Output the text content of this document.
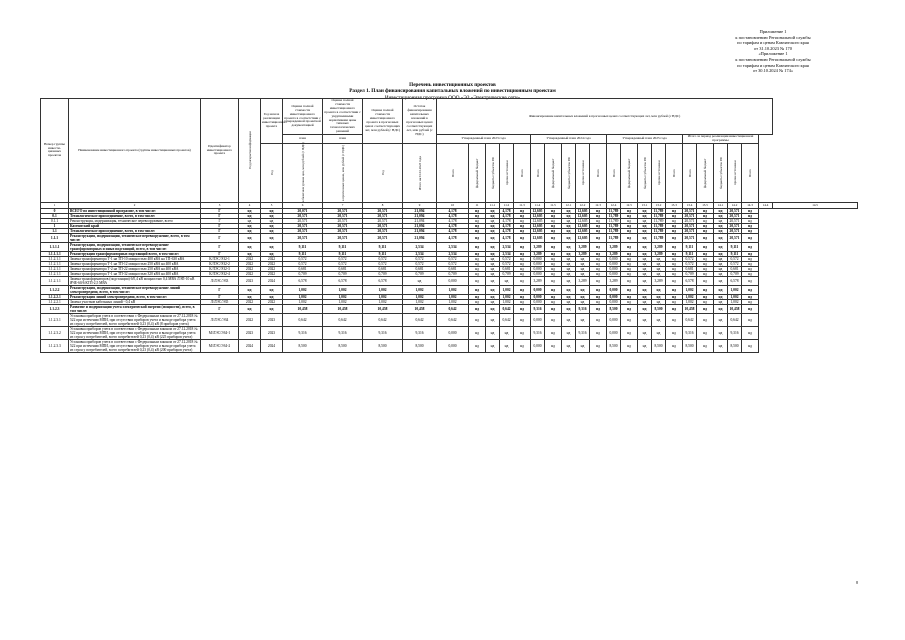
Приложение 1
к постановлению Региональной службы
по тарифам и ценам Камчатского края
от 31.10.2023 № 170
«Приложение 1
к постановлению Региональной службы
по тарифам и ценам Камчатского края
от 30.10.2024 № 174»
Перечень инвестиционных проектов
Раздел 1. План финансирования капитальных вложений по инвестиционным проектам
Инвестиционная программа ООО «ЭЗ «Электрические сети»
Номер группы инвести-ционных проектов	Наименование инвестиционного проекта (группы инвестиционных проектов)	Идентификатор инвестиционного проекта	Год раскрытия информации	Год начала реализации инвестиционного проекта	Оценка полной стоимости инвестиционного проекта в соответствии с утвержденной проектной документацией	Оценка полной стоимости инвестиционного проекта в соответствии с укрупненными нормативами цены типовых технологических решений	Оценка полной стоимости инвестиционного проекта в прогнозных ценах соответствующих лет, млн рублей (с НДС)	Остаток финансирования капитальных вложений в прогнозных ценах соответствующих лет, млн рублей (с НДС)	Финансирование капитальных вложений в прогнозных ценах соответствующих лет, млн рублей (с НДС)																					
					план	план			Утвержденный план 2023 года					Утвержденный план 2024 года					Утвержденный план 2025 года					Итого за период реализации инвестиционной программы						

				Год	в базисном уровне цен, млн рублей (с НДС)	в прогнозных ценах, млн рублей (с НДС)	Год	Итого на 01.01.2023 года	Всего	федеральный бюджет	бюджеты субъектов РФ	прочие источники	Всего	Всего	федеральный бюджет	бюджеты субъектов РФ	прочие источники	Всего	Всего	федеральный бюджет	бюджеты субъектов РФ	прочие источники	Всего	Всего	федеральный бюджет	бюджеты субъектов РФ	прочие источники	Всего		

1	2	3	4	5	6	7	8	9	10	11	11.1	11.2	11.3	11.4	11.5	12.1	12.2	12.3	12.4	12.5	13.1	13.2	13.3	13.4	13.5	14.1	14.2	14.3	14.4	14.5
0	ВСЕГО по инвестиционной программе, в том числе:	Г	нд	нд	20,071	20,571	20,571	21,094	4,178	нд	нд	4,178	нд	12,605	нд	нд	12,605	нд	11,789	нд	нд	11,789	нд	20,571	нд	нд	20,571	нд		
0.1	Технологическое присоединение, всего, в том числе:	Г	нд	нд	20,571	20,571	20,571	21,094	4,178	нд	нд	4,178	нд	12,605	нд	нд	12,605	нд	11,789	нд	нд	11,789	нд	20,571	нд	нд	20,571	нд		
0.1.1	Реконструкция, модернизация, техническое перевооружение, всего	Г	нд	нд	20,571	20,571	20,571	21,094	4,178	нд	нд	4,178	нд	12,605	нд	нд	12,605	нд	11,789	нд	нд	11,789	нд	20,571	нд	нд	20,571	нд		
1	Камчатский край	Г	нд	нд	20,571	20,571	20,571	21,094	4,178	нд	нд	4,178	нд	12,605	нд	нд	12,605	нд	11,789	нд	нд	11,789	нд	20,571	нд	нд	20,571	нд		
1.1	Технологическое присоединение, всего, в том числе:	Г	нд	нд	20,571	20,571	20,571	21,094	4,178	нд	нд	4,178	нд	12,605	нд	нд	12,605	нд	11,789	нд	нд	11,789	нд	20,571	нд	нд	20,571	нд		
1.1.1	Реконструкция, модернизация, техническое перевооружение, всего, в том числе:	Г	нд	нд	20,571	20,571	20,571	21,094	4,178	нд	нд	4,178	нд	12,605	нд	нд	12,605	нд	11,789	нд	нд	11,789	нд	20,571	нд	нд	20,571	нд		
1.1.1.1	Реконструкция, модернизация, техническое перевооружение трансформаторных и иных подстанций, всего, в том числе:	Г	нд	нд	9,111	9,111	9,111	2,534	2,534	нд	нд	2,534	нд	3,289	нд	нд	3,289	нд	3,289	нд	нд	3,289	нд	9,111	нд	нд	9,111	нд		
1.1.1.1.1	Реконструкция трансформаторных подстанций всего, в том числе:	Г	нд	нд	9,111	9,111	9,111	2,534	2,534	нд	нд	2,534	нд	3,289	нд	нд	3,289	нд	3,289	нд	нд	3,289	нд	9,111	нд	нд	9,111	нд		
1.1.2.1.1	Замена трансформатора Т-1 на ТП-10 мощностью 400 кВА на ТП-630 кВА	К/ЛЭС/ЭЗ2-1	2022	2022	0,572	0,572	0,572	0,572	0,572	нд	нд	0,572	нд	0,000	нд	нд	нд	нд	0,000	нд	нд	нд	нд	0,572	нд	нд	0,572	нд		
1.1.2.1.1	Замена трансформатора Т-1 на ТП-12 мощностью 250 кВА на 400 кВА	К/ЛЭС/ЭЗ2-2	2022	2022	0,572	0,572	0,572	0,572	0,572	нд	нд	0,572	нд	0,000	нд	нд	нд	нд	0,000	нд	нд	нд	нд	0,572	нд	нд	0,572	нд		
1.1.2.1.1	Замена трансформатора Т-2 на ТП-22 мощностью 250 кВА на 400 кВА	К/ЛЭС/ЭЗ2-3	2022	2022	0,681	0,681	0,681	0,681	0,681	нд	нд	0,681	нд	0,000	нд	нд	нд	нд	0,000	нд	нд	нд	нд	0,681	нд	нд	0,681	нд		
1.1.2.1.1	Замена трансформатора Т-1 на ТП-32 мощностью 320 кВА на 400 кВА	К/ЛЭС/ЭЗ2-4	2022	2022	0,709	0,709	0,709	0,709	0,709	нд	нд	0,709	нд	0,000	нд	нд	нд	нд	0,000	нд	нд	нд	нд	0,709	нд	нд	0,709	нд		
1.1.2.1.1	Замена трансформаторов (подстанции) 6/0,4 кВ мощностью 0,4 МВА ЛЭП-10 кВ ЯЧЕ-60/6 КТП-2,5 МВА	Л/ЛЭС/ЭЗ3	2023	2024	6,578	6,578	6,578	нд	0,000	нд	нд	нд	нд	3,289	нд	нд	3,289	нд	3,289	нд	нд	3,289	нд	6,578	нд	нд	6,578	нд		
1.1.2.2	Реконструкция, модернизация, техническое перевооружение линий электропередачи, всего, в том числе:	Г	нд	нд	1,002	1,002	1,002	1,002	1,002	нд	нд	1,002	нд	0,000	нд	нд	нд	нд	0,000	нд	нд	нд	нд	1,002	нд	нд	1,002	нд		
1.1.2.2.1	Реконструкция линий электропередачи, всего, в том числе:	Г	нд	нд	1,002	1,002	1,002	1,002	1,002	нд	нд	1,002	нд	0,000	нд	нд	нд	нд	0,000	нд	нд	нд	нд	1,002	нд	нд	1,002	нд		
1.1.2.2.1	Замена участков кабельных линий - 0,4 кВ	Л/ЛЭС/ЭЗ5	2022	2022	1,002	1,002	1,002	1,002	1,002	нд	нд	1,002	нд	0,000	нд	нд	нд	нд	0,000	нд	нд	нд	нд	1,002	нд	нд	1,002	нд		
1.1.2.3	Развитие и модернизация учета электрической энергии (мощности), всего, в том числе:	Г	нд	нд	10,458	10,458	10,458	10,458	0,642	нд	нд	0,642	нд	9,316	нд	нд	9,316	нд	8,500	нд	нд	8,500	нд	10,458	нд	нд	10,458	нд		
1.1.2.3.1	Установка приборов учета в соответствии с Федеральным законом от 27.12.2018 № 522 при истечении МПИ, при отсутствии приборов учета и выходе прибора учета из строя у потребителей, всего потребителей 0,23 (0,4) кВ (8 приборов учета)	Л/ЛЭС/ЭЗ4	2022	2023	0,642	0,642	0,642	0,642	0,642	нд	нд	0,642	нд	0,000	нд	нд	нд	нд	0,000	нд	нд	нд	нд	0,642	нд	нд	0,642	нд		
1.1.2.3.2	Установка приборов учета в соответствии с Федеральным законом от 27.12.2018 № 522 при истечении МПИ, при отсутствии приборов учета и выходе прибора учета из строя у потребителей, всего потребителей 0,23 (0,4) кВ (225 приборов учета)	М/ЛЭС/ЭЗ4-1	2023	2023	9,316	9,316	9,316	9,316	0,000	нд	нд	нд	нд	9,316	нд	нд	9,316	нд	0,000	нд	нд	нд	нд	9,316	нд	нд	9,316	нд		
1.1.2.3.3	Установка приборов учета в соответствии с Федеральным законом от 27.12.2018 № 522 при истечении МПИ, при отсутствии приборов учета и выходе прибора учета из строя у потребителей, всего потребителей 0,23 (0,4) кВ (200 приборов учета)	М/ЛЭС/ЭЗ4-2	2024	2024	8,500	8,500	8,500	8,500	0,000	нд	нд	нд	нд	0,000	нд	нд	нд	нд	8,500	нд	нд	8,500	нд	8,500	нд	нд	8,500	нд		
8
